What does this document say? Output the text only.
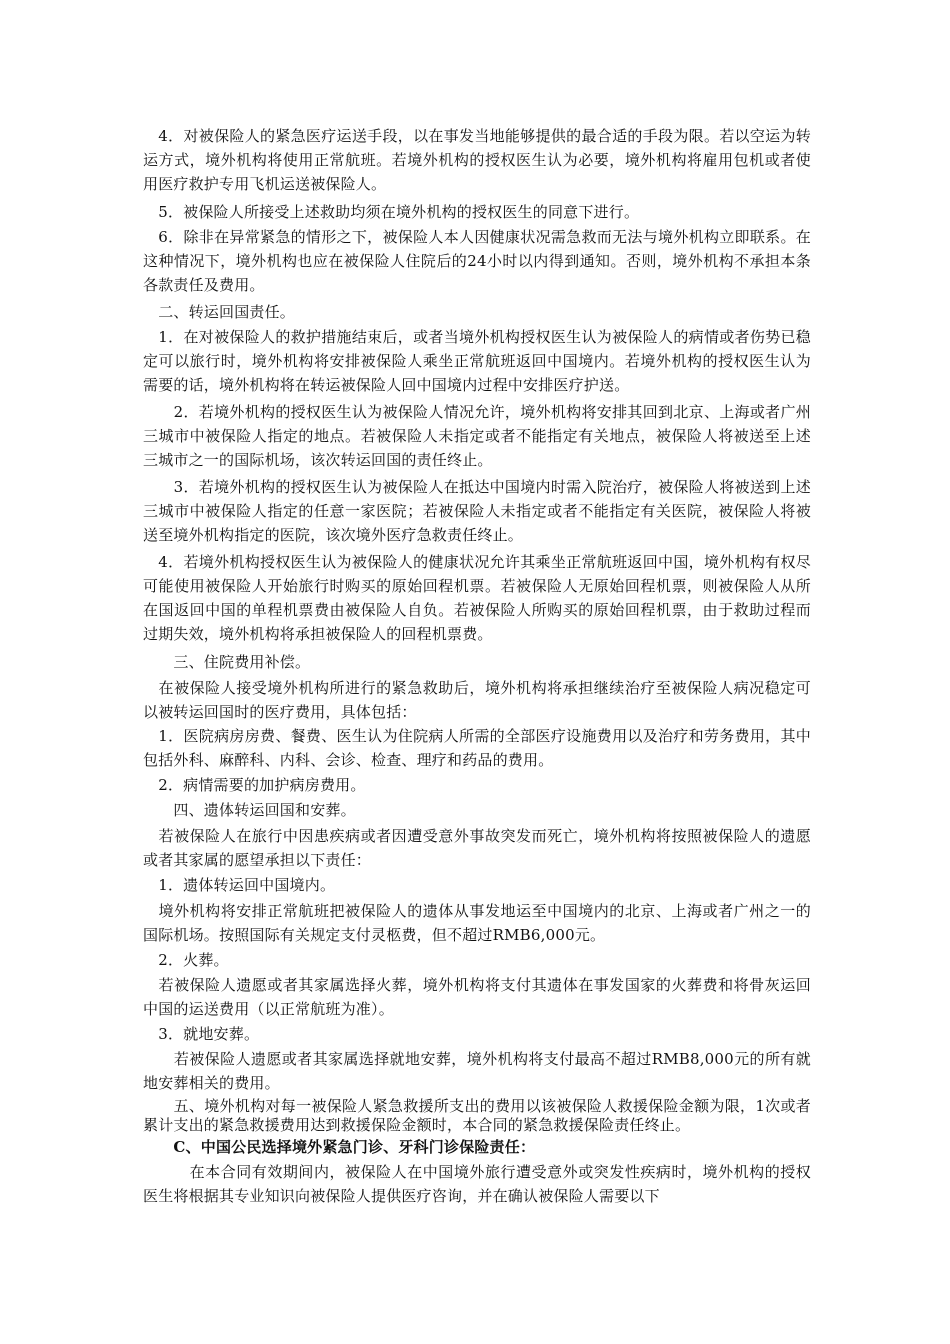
　4．对被保险人的紧急医疗运送手段，以在事发当地能够提供的最合适的手段为限。若以空运为转运方式，境外机构将使用正常航班。若境外机构的授权医生认为必要，境外机构将雇用包机或者使用医疗救护专用飞机运送被保险人。

　5．被保险人所接受上述救助均须在境外机构的授权医生的同意下进行。

　6．除非在异常紧急的情形之下，被保险人本人因健康状况需急救而无法与境外机构立即联系。在这种情况下，境外机构也应在被保险人住院后的24小时以内得到通知。否则，境外机构不承担本条各款责任及费用。

　二、转运回国责任。

　1．在对被保险人的救护措施结束后，或者当境外机构授权医生认为被保险人的病情或者伤势已稳定可以旅行时，境外机构将安排被保险人乘坐正常航班返回中国境内。若境外机构的授权医生认为需要的话，境外机构将在转运被保险人回中国境内过程中安排医疗护送。

　　2．若境外机构的授权医生认为被保险人情况允许，境外机构将安排其回到北京、上海或者广州三城市中被保险人指定的地点。若被保险人未指定或者不能指定有关地点，被保险人将被送至上述三城市之一的国际机场，该次转运回国的责任终止。

　　3．若境外机构的授权医生认为被保险人在抵达中国境内时需入院治疗，被保险人将被送到上述三城市中被保险人指定的任意一家医院；若被保险人未指定或者不能指定有关医院，被保险人将被送至境外机构指定的医院，该次境外医疗急救责任终止。

　4．若境外机构授权医生认为被保险人的健康状况允许其乘坐正常航班返回中国，境外机构有权尽可能使用被保险人开始旅行时购买的原始回程机票。若被保险人无原始回程机票，则被保险人从所在国返回中国的单程机票费由被保险人自负。若被保险人所购买的原始回程机票，由于救助过程而过期失效，境外机构将承担被保险人的回程机票费。

　　三、住院费用补偿。

　在被保险人接受境外机构所进行的紧急救助后，境外机构将承担继续治疗至被保险人病况稳定可以被转运回国时的医疗费用，具体包括：

　1．医院病房房费、餐费、医生认为住院病人所需的全部医疗设施费用以及治疗和劳务费用，其中包括外科、麻醉科、内科、会诊、检查、理疗和药品的费用。

　2．病情需要的加护病房费用。

　　四、遗体转运回国和安葬。

　若被保险人在旅行中因患疾病或者因遭受意外事故突发而死亡，境外机构将按照被保险人的遗愿或者其家属的愿望承担以下责任：

　1．遗体转运回中国境内。

　境外机构将安排正常航班把被保险人的遗体从事发地运至中国境内的北京、上海或者广州之一的国际机场。按照国际有关规定支付灵柩费，但不超过RMB6,000元。

　2．火葬。

　若被保险人遗愿或者其家属选择火葬，境外机构将支付其遗体在事发国家的火葬费和将骨灰运回中国的运送费用（以正常航班为准）。

　3．就地安葬。

　　若被保险人遗愿或者其家属选择就地安葬，境外机构将支付最高不超过RMB8,000元的所有就地安葬相关的费用。

　　五、境外机构对每一被保险人紧急救援所支出的费用以该被保险人救援保险金额为限，1次或者累计支出的紧急救援费用达到救援保险金额时，本合同的紧急救援保险责任终止。

　　C、中国公民选择境外紧急门诊、牙科门诊保险责任：

　　　在本合同有效期间内，被保险人在中国境外旅行遭受意外或突发性疾病时，境外机构的授权医生将根据其专业知识向被保险人提供医疗咨询，并在确认被保险人需要以下
